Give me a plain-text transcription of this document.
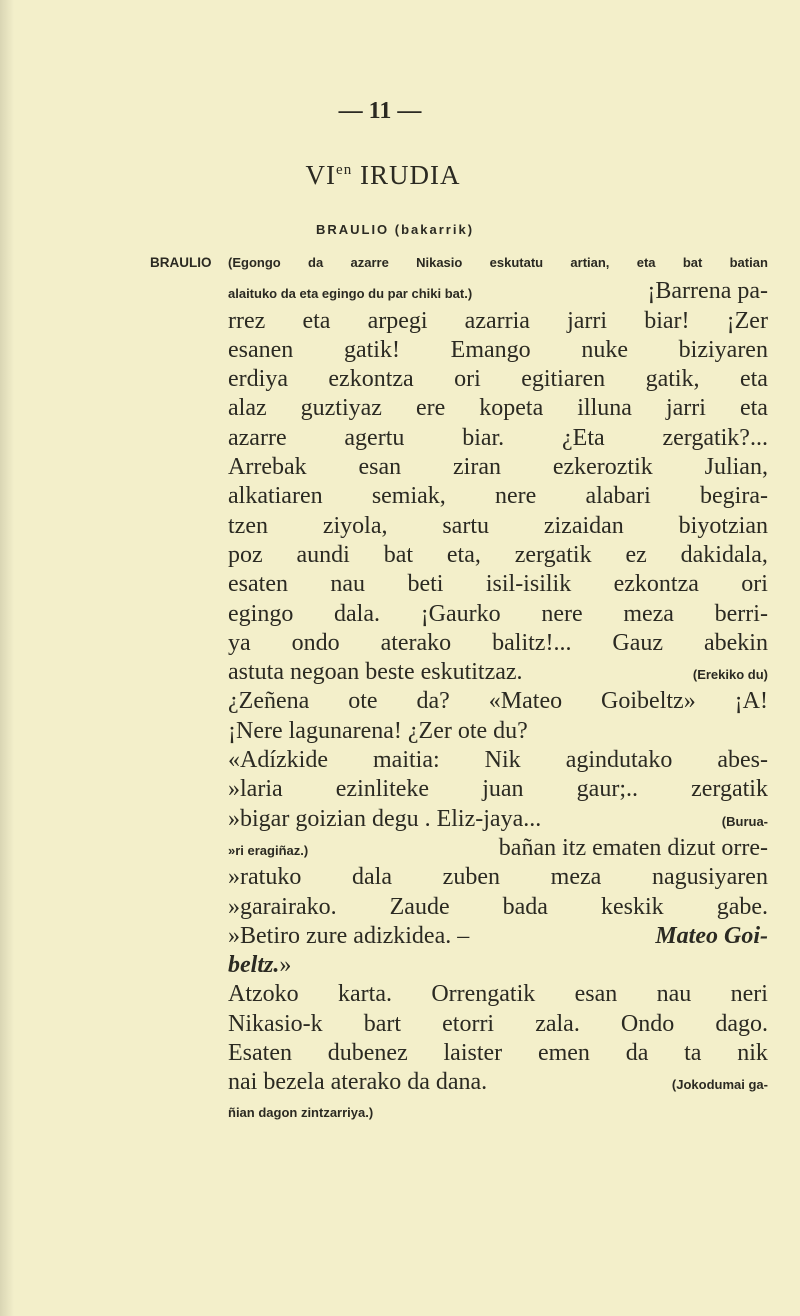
— 11 —
$VI^{en}$ IRUDIA
BRAULIO (bakarrik)
BRAULIO (Egongo da azarre Nikasio eskutatu artian, eta bat batian
alaituko da eta egingo du par chiki bat.)	¡Barrena pa-
rrez eta arpegi azarria jarri biar! ¡Zer
esanen gatik! Emango nuke biziyaren
erdiya ezkontza ori egitiaren gatik, eta
alaz guztiyaz ere kopeta illuna jarri eta
azarre agertu biar. ¿Eta zergatik?...
Arrebak esan ziran ezkeroztik Julian,
alkatiaren semiak, nere alabari begira-
tzen ziyola, sartu zizaidan biyotzian
poz aundi bat eta, zergatik ez dakidala,
esaten nau beti isil-isilik ezkontza ori
egingo dala. ¡Gaurko nere meza berri-
ya ondo aterako balitz!... Gauz abekin
astuta negoan beste eskutitzaz.	(Erekiko du)
¿Zeñena ote da? «Mateo Goibeltz» ¡A!
¡Nere lagunarena! ¿Zer ote du?
«Adízkide maitia: Nik agindutako abes-
»laria ezinliteke juan gaur;.. zergatik
»bigar goizian degu . Eliz-jaya...	(Burua-
»ri eragiñaz.)	bañan itz ematen dizut orre-
»ratuko dala zuben meza nagusiyaren
»garairako. Zaude bada keskik gabe.
»Betiro zure adizkidea. –	Mateo Goi-
beltz. »
Atzoko karta. Orrengatik esan nau neri
Nikasio-k bart etorri zala. Ondo dago.
Esaten dubenez laister emen da ta nik
nai bezela aterako da dana.	(Jokodumai ga-
ñian dagon zintzarriya.)
